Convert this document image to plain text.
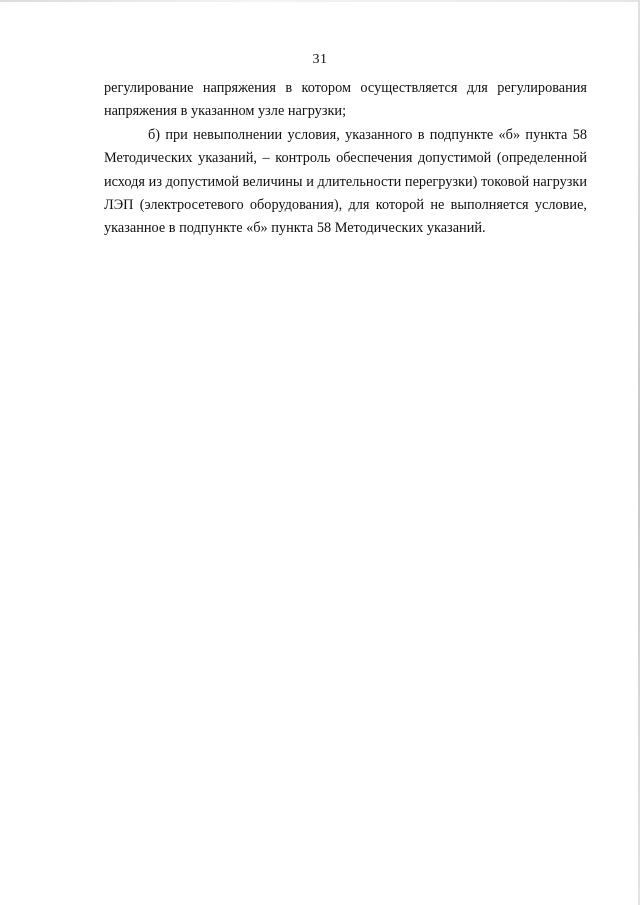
31

регулирование напряжения в котором осуществляется для регулирования напряжения в указанном узле нагрузки;

б) при невыполнении условия, указанного в подпункте «б» пункта 58 Методических указаний, – контроль обеспечения допустимой (определенной исходя из допустимой величины и длительности перегрузки) токовой нагрузки ЛЭП (электросетевого оборудования), для которой не выполняется условие, указанное в подпункте «б» пункта 58 Методических указаний.
